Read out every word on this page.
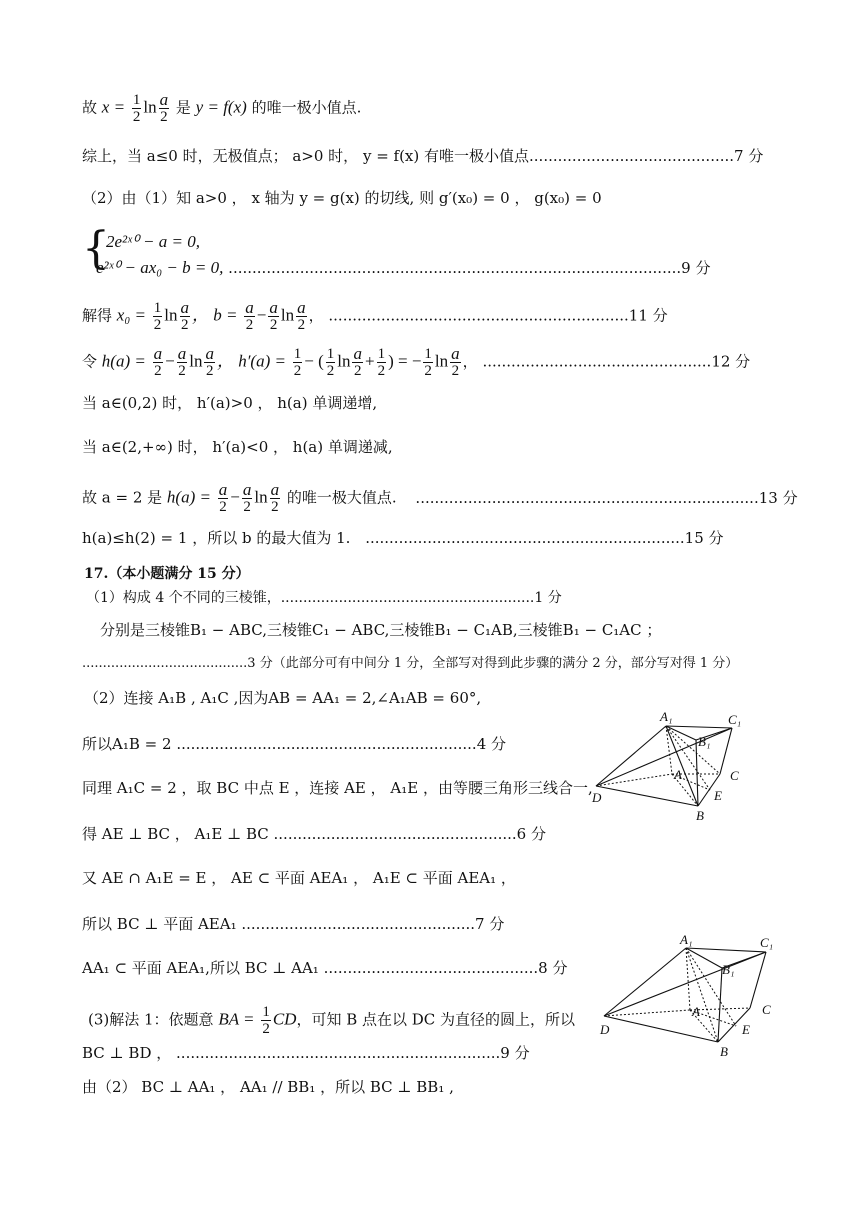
故 $x = \frac{1}{2}$ $\ln \frac{a}{2}$ 是 y = f(x) 的唯一极小值点.
综上，当 a≤0 时，无极值点； a>0 时， y = f(x) 有唯一极小值点...........................................7 分
（2）由（1）知 a>0 ， x 轴为 y = g(x) 的切线, 则 g′(x₀) = 0 ， g(x₀) = 0
{
2e²ˣ⁰ − a = 0,
e²ˣ⁰ − ax₀ − b = 0, ...............................................................................................9 分
解得 $x_0 = \frac{1}{2}$ $\ln \frac{a}{2}$ ， $b = \frac{a}{2} - \frac{a}{2}$ $\ln \frac{a}{2}$ ， ...............................................................11 分
令 $h(a) = \frac{a}{2} - \frac{a}{2}$ $\ln \frac{a}{2}$ ， $h'(a) = \frac{1}{2}$ − ( $\frac{1}{2}$ $\ln \frac{a}{2} + \frac{1}{2}$ ) = − $\frac{1}{2}$ $\ln \frac{a}{2}$ ， ................................................12 分
当 a∈(0,2) 时， h′(a)>0 ， h(a) 单调递增,
当 a∈(2,+∞) 时， h′(a)<0 ， h(a) 单调递减,
故 a = 2 是 $h(a) = \frac{a}{2} - \frac{a}{2}$ $\ln \frac{a}{2}$ 的唯一极大值点. ........................................................................13 分
h(a)≤h(2) = 1 ，所以 b 的最大值为 1. ...................................................................15 分
17.（本小题满分 15 分）
（1）构成 4 个不同的三棱锥，.........................................................1 分
分别是三棱锥B₁ − ABC,三棱锥C₁ − ABC,三棱锥B₁ − C₁AB,三棱锥B₁ − C₁AC ；
........................................3 分（此部分可有中间分 1 分，全部写对得到此步骤的满分 2 分，部分写对得 1 分）
（2）连接 A₁B , A₁C ,因为AB = AA₁ = 2,∠A₁AB = 60°,
所以A₁B = 2 ...............................................................4 分
同理 A₁C = 2 ，取 BC 中点 E ，连接 AE ， A₁E ，由等腰三角形三线合一,
得 AE ⊥ BC ， A₁E ⊥ BC ...................................................6 分
又 AE ∩ A₁E = E ， AE ⊂ 平面 AEA₁ ， A₁E ⊂ 平面 AEA₁ ，
所以 BC ⊥ 平面 AEA₁ .................................................7 分
AA₁ ⊂ 平面 AEA₁,所以 BC ⊥ AA₁ .............................................8 分
(3)解法 1：依题意 BA = $\frac{1}{2}$ CD，可知 B 点在以 DC 为直径的圆上，所以
BC ⊥ BD ， ....................................................................9 分
由（2） BC ⊥ AA₁ ， AA₁ // BB₁ ，所以 BC ⊥ BB₁ ,
A₁	C₁
B₁
A	C
D	E
B
A₁	C₁
B₁
A	C
D	E
B
